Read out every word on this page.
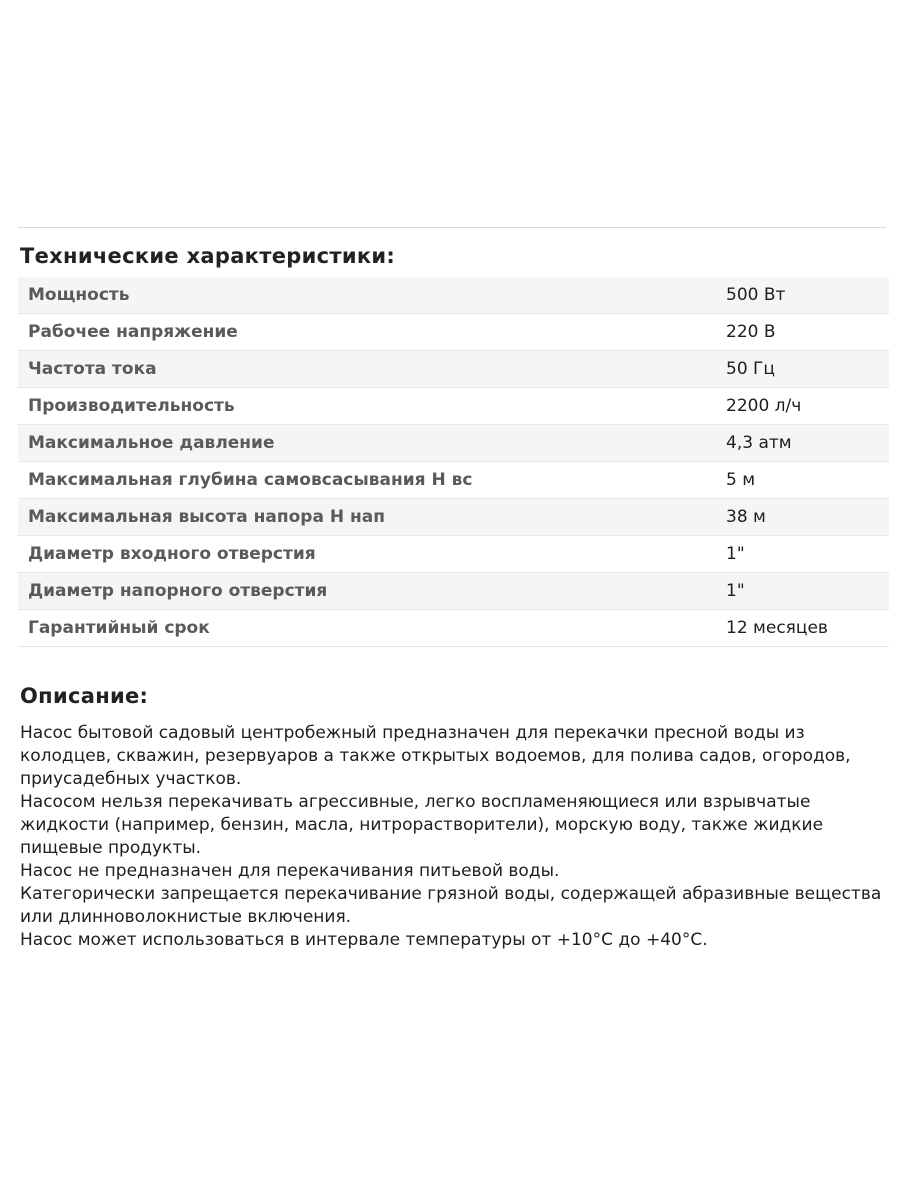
Технические характеристики:
Мощность	500 Вт
Рабочее напряжение	220 В
Частота тока	50 Гц
Производительность	2200 л/ч
Максимальное давление	4,3 атм
Максимальная глубина самовсасывания H вс	5 м
Максимальная высота напора H нап	38 м
Диаметр входного отверстия	1"
Диаметр напорного отверстия	1"
Гарантийный срок	12 месяцев
Описание:

Насос бытовой садовый центробежный предназначен для перекачки пресной воды из колодцев, скважин, резервуаров а также открытых водоемов, для полива садов, огородов, приусадебных участков.

Насосом нельзя перекачивать агрессивные, легко воспламеняющиеся или взрывчатые жидкости (например, бензин, масла, нитрорастворители), морскую воду, также жидкие пищевые продукты.

Насос не предназначен для перекачивания питьевой воды.

Категорически запрещается перекачивание грязной воды, содержащей абразивные вещества или длинноволокнистые включения.

Насос может использоваться в интервале температуры от +10°С до +40°С.
